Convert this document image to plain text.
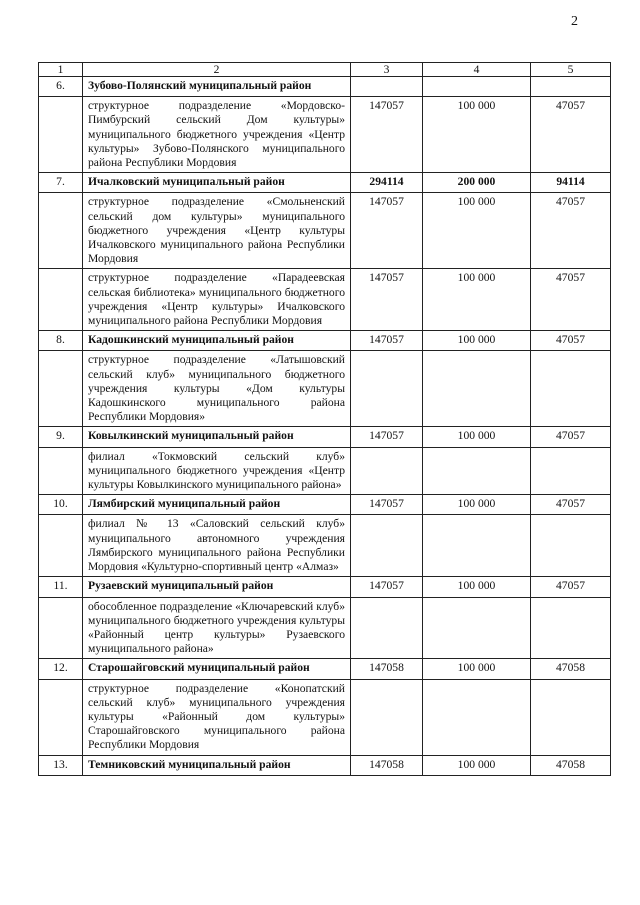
2
1	2	3	4	5
6.	Зубово-Полянский муниципальный район			
	структурное подразделение «Мордовско-Пимбурский сельский Дом культуры» муниципального бюджетного учреждения «Центр культуры» Зубово-Полянского муниципального района Республики Мордовия	147057	100 000	47057
7.	Ичалковский муниципальный район	294114	200 000	94114
	структурное подразделение «Смольненский сельский дом культуры» муниципального бюджетного учреждения «Центр культуры Ичалковского муниципального района Республики Мордовия	147057	100 000	47057
	структурное подразделение «Парадеевская сельская библиотека» муниципального бюджетного учреждения «Центр культуры» Ичалковского муниципального района Республики Мордовия	147057	100 000	47057
8.	Кадошкинский муниципальный район	147057	100 000	47057
	структурное подразделение «Латышовский сельский клуб» муниципального бюджетного учреждения культуры «Дом культуры Кадошкинского муниципального района Республики Мордовия»			
9.	Ковылкинский муниципальный район	147057	100 000	47057
	филиал «Токмовский сельский клуб» муниципального бюджетного учреждения «Центр культуры Ковылкинского муниципального района»			
10.	Лямбирский муниципальный район	147057	100 000	47057
	филиал № 13 «Саловский сельский клуб» муниципального автономного учреждения Лямбирского муниципального района Республики Мордовия «Культурно-спортивный центр «Алмаз»			
11.	Рузаевский муниципальный район	147057	100 000	47057
	обособленное подразделение «Ключаревский клуб» муниципального бюджетного учреждения культуры «Районный центр культуры» Рузаевского муниципального района»			
12.	Старошайговский муниципальный район	147058	100 000	47058
	структурное подразделение «Конопатский сельский клуб» муниципального учреждения культуры «Районный дом культуры» Старошайговского муниципального района Республики Мордовия			
13.	Темниковский муниципальный район	147058	100 000	47058
